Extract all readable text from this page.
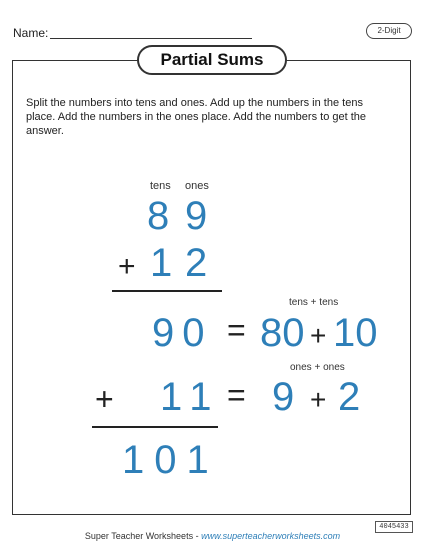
Name:	2-Digit
Partial Sums
Split the numbers into tens and ones. Add up the numbers in the tens place. Add the numbers in the ones place. Add the numbers to get the answer.
tens ones
8 9
+ 1 2
tens + tens
90 = 80 + 10
ones + ones
+ 11 = 9 + 2
101
Super Teacher Worksheets - www.superteacherworksheets.com
4045433
